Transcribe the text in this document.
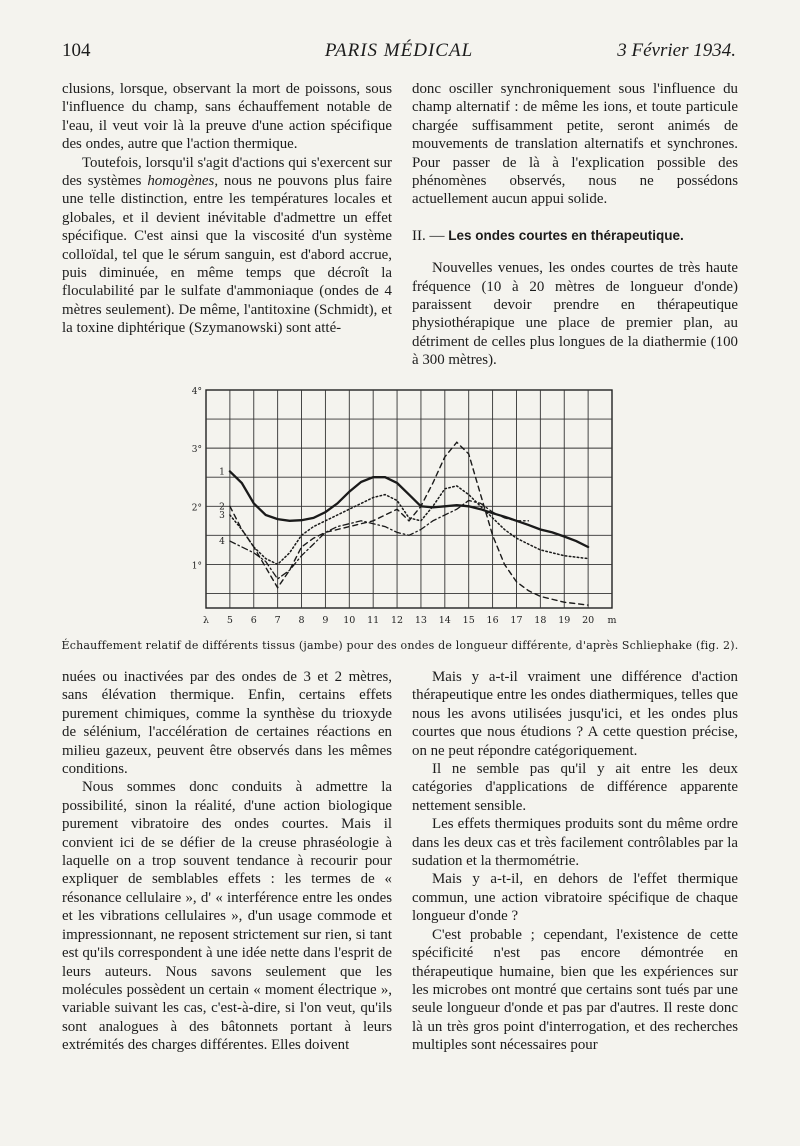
104	PARIS MÉDICAL	3 Février 1934.

clusions, lorsque, observant la mort de poissons, sous l'influence du champ, sans échauffement notable de l'eau, il veut voir là la preuve d'une action spécifique des ondes, autre que l'action thermique.

Toutefois, lorsqu'il s'agit d'actions qui s'exercent sur des systèmes homogènes, nous ne pouvons plus faire une telle distinction, entre les températures locales et globales, et il devient inévitable d'admettre un effet spécifique. C'est ainsi que la viscosité d'un système colloïdal, tel que le sérum sanguin, est d'abord accrue, puis diminuée, en même temps que décroît la floculabilité par le sulfate d'ammoniaque (ondes de 4 mètres seulement). De même, l'antitoxine (Schmidt), et la toxine diphtérique (Szymanowski) sont atté-

donc osciller synchroniquement sous l'influence du champ alternatif : de même les ions, et toute particule chargée suffisamment petite, seront animés de mouvements de translation alternatifs et synchrones. Pour passer de là à l'explication possible des phénomènes observés, nous ne possédons actuellement aucun appui solide.

II. — Les ondes courtes en thérapeutique.

Nouvelles venues, les ondes courtes de très haute fréquence (10 à 20 mètres de longueur d'onde) paraissent devoir prendre en thérapeutique physiothérapique une place de premier plan, au détriment de celles plus longues de la diathermie (100 à 300 mètres).

1°
2°
3°
4°
λ 5 6 7 8 9 10 11 12 13 14 15 16 17 18 19 20 m
1
2
3
4
Échauffement relatif de différents tissus (jambe) pour des ondes de longueur différente, d'après Schliephake (fig. 2).

nuées ou inactivées par des ondes de 3 et 2 mètres, sans élévation thermique. Enfin, certains effets purement chimiques, comme la synthèse du trioxyde de sélénium, l'accélération de certaines réactions en milieu gazeux, peuvent être observés dans les mêmes conditions.

Nous sommes donc conduits à admettre la possibilité, sinon la réalité, d'une action biologique purement vibratoire des ondes courtes. Mais il convient ici de se défier de la creuse phraséologie à laquelle on a trop souvent tendance à recourir pour expliquer de semblables effets : les termes de « résonance cellulaire », d' « interférence entre les ondes et les vibrations cellulaires », d'un usage commode et impressionnant, ne reposent strictement sur rien, si tant est qu'ils correspondent à une idée nette dans l'esprit de leurs auteurs. Nous savons seulement que les molécules possèdent un certain « moment électrique », variable suivant les cas, c'est-à-dire, si l'on veut, qu'ils sont analogues à des bâtonnets portant à leurs extrémités des charges différentes. Elles doivent

Mais y a-t-il vraiment une différence d'action thérapeutique entre les ondes diathermiques, telles que nous les avons utilisées jusqu'ici, et les ondes plus courtes que nous étudions ? A cette question précise, on ne peut répondre catégoriquement.

Il ne semble pas qu'il y ait entre les deux catégories d'applications de différence apparente nettement sensible.

Les effets thermiques produits sont du même ordre dans les deux cas et très facilement contrôlables par la sudation et la thermométrie.

Mais y a-t-il, en dehors de l'effet thermique commun, une action vibratoire spécifique de chaque longueur d'onde ?

C'est probable ; cependant, l'existence de cette spécificité n'est pas encore démontrée en thérapeutique humaine, bien que les expériences sur les microbes ont montré que certains sont tués par une seule longueur d'onde et pas par d'autres. Il reste donc là un très gros point d'interrogation, et des recherches multiples sont nécessaires pour
